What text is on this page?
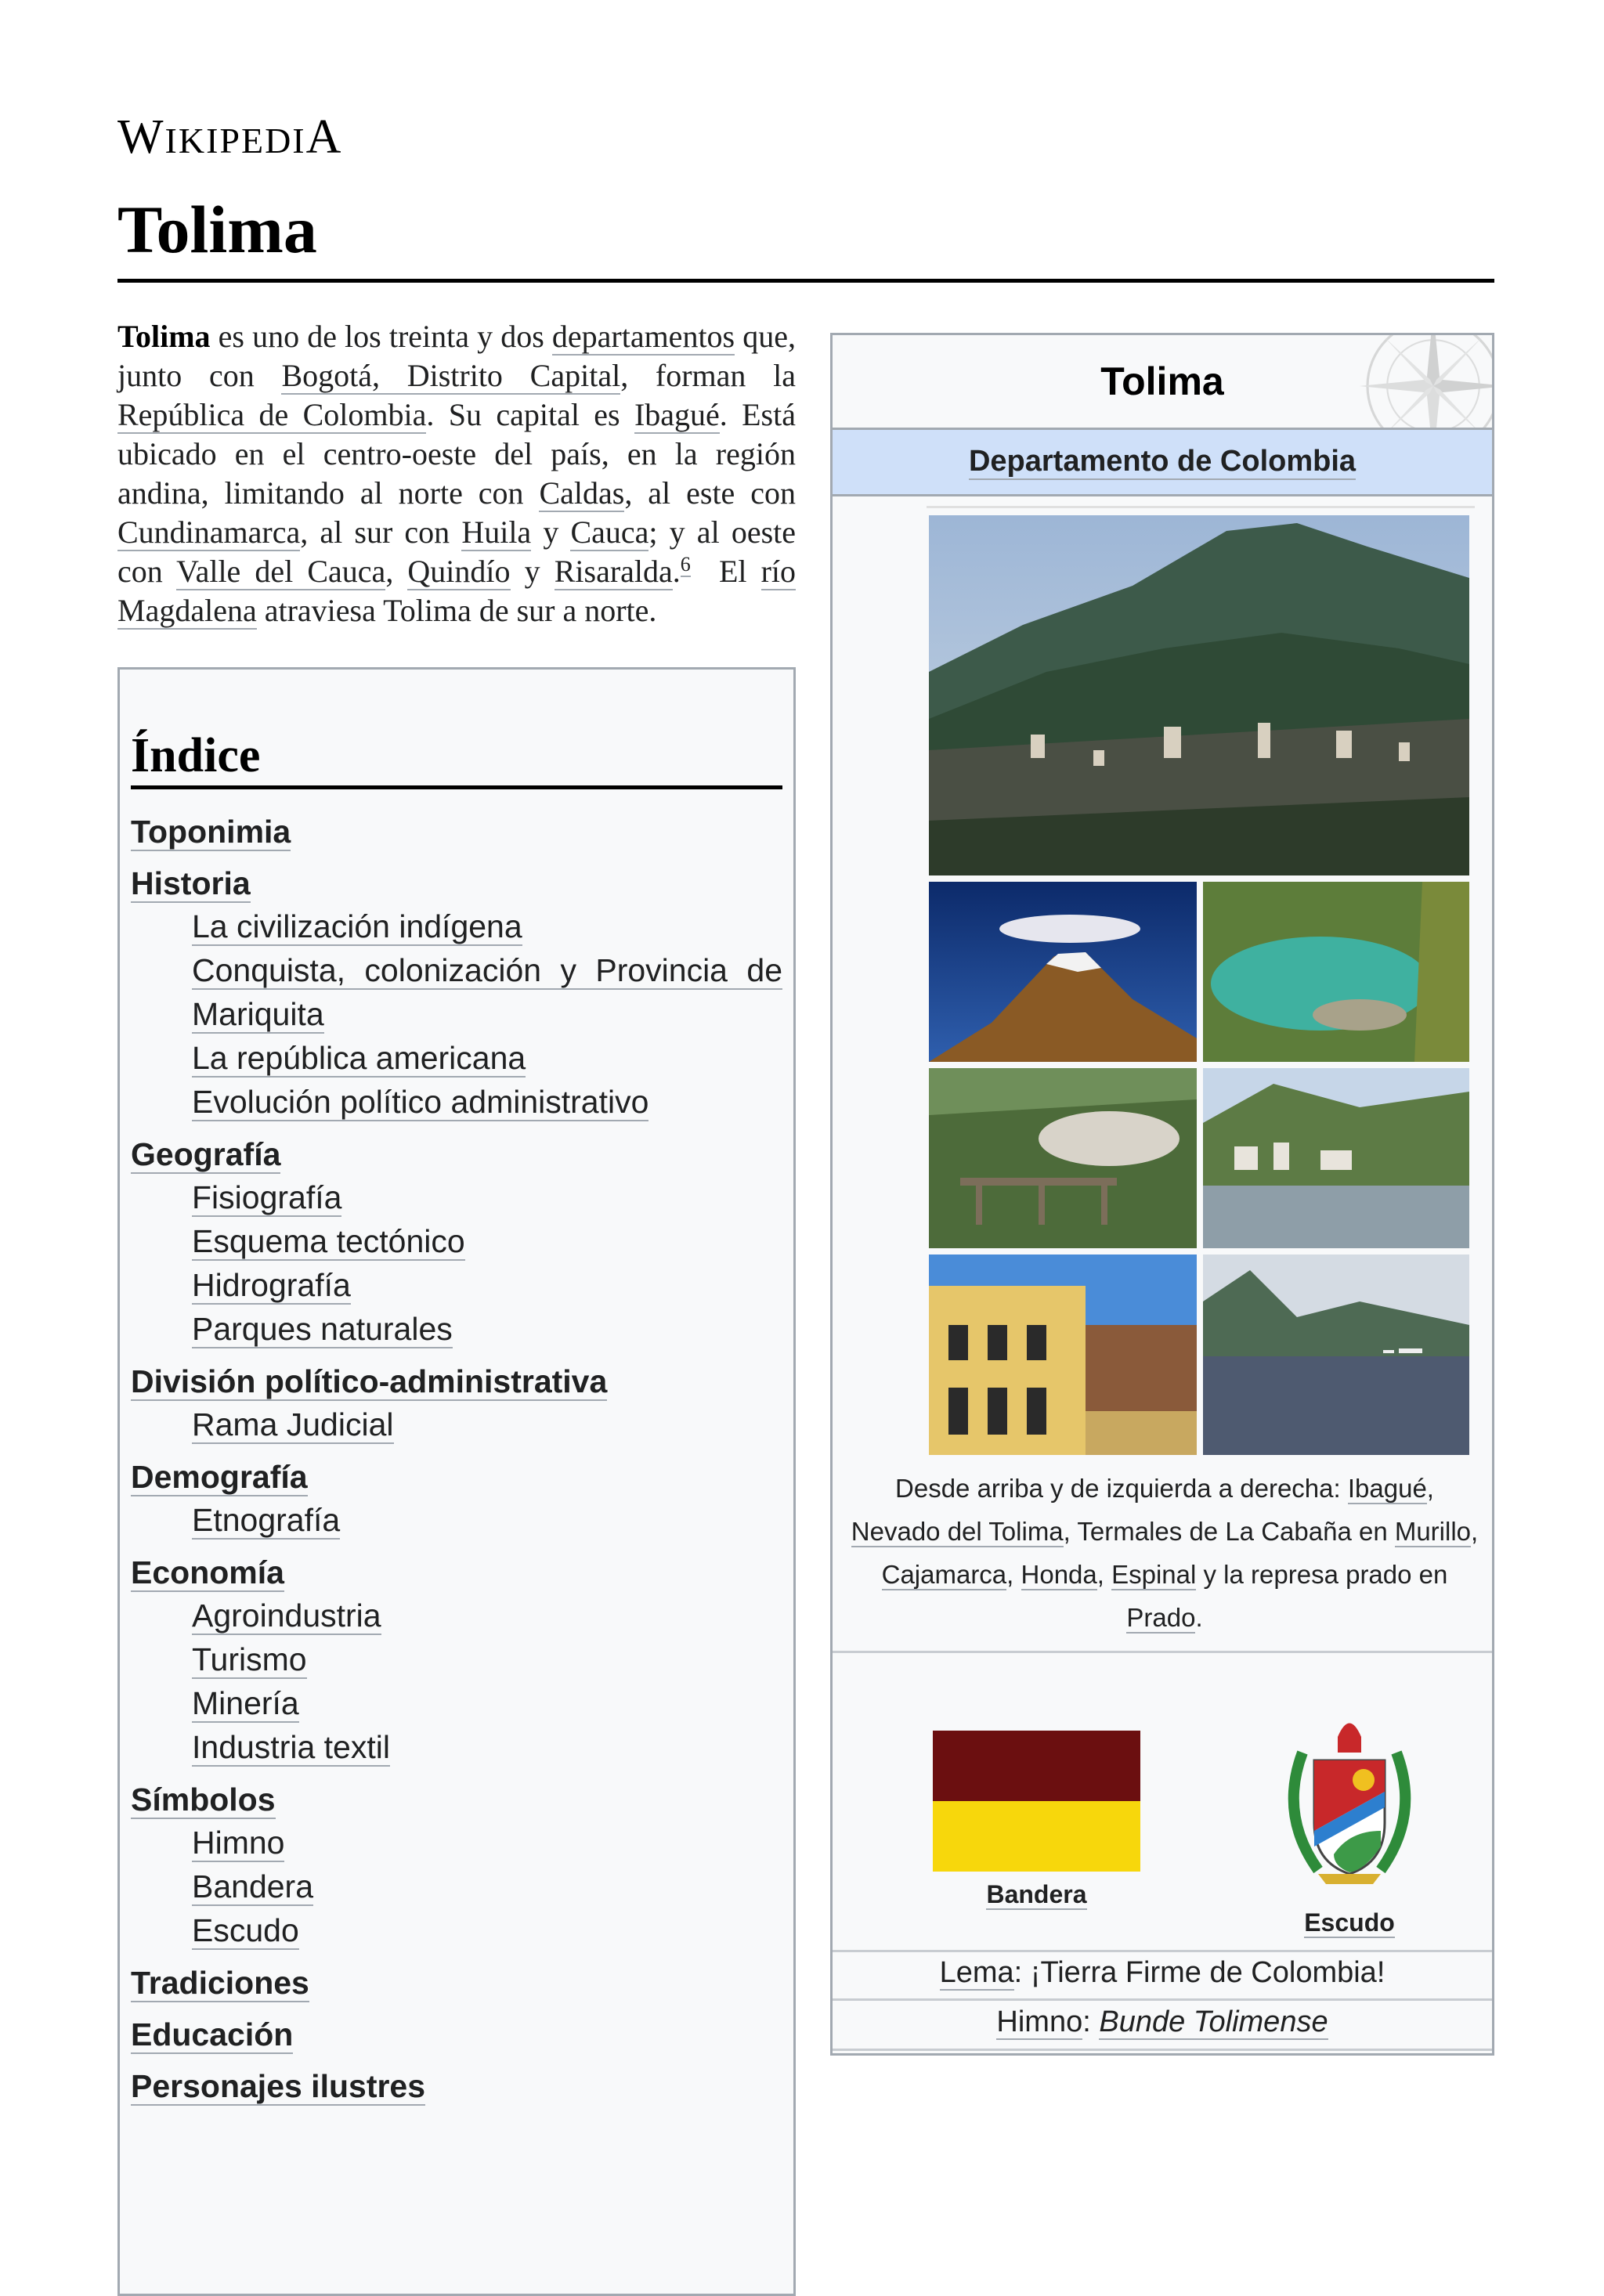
WIKIPEDIA
Tolima

Tolima es uno de los treinta y dos departamentos que, junto con Bogotá, Distrito Capital, forman la República de Colombia. Su capital es Ibagué. Está ubicado en el centro-oeste del país, en la región andina, limitando al norte con Caldas, al este con Cundinamarca, al sur con Huila y Cauca; y al oeste con Valle del Cauca, Quindío y Risaralda.$^6$  El río Magdalena atraviesa Tolima de sur a norte.

Índice
Toponimia
Historia
La civilización indígena
Conquista, colonización y Provincia de Mariquita
La república americana
Evolución político administrativo
Geografía
Fisiografía
Esquema tectónico
Hidrografía
Parques naturales
División político-administrativa
Rama Judicial
Demografía
Etnografía
Economía
Agroindustria
Turismo
Minería
Industria textil
Símbolos
Himno
Bandera
Escudo
Tradiciones
Educación
Personajes ilustres
Tolima
Departamento de Colombia
Desde arriba y de izquierda a derecha: Ibagué, Nevado del Tolima, Termales de La Cabaña en Murillo, Cajamarca, Honda, Espinal y la represa prado en Prado.
Bandera
Escudo
Lema: ¡Tierra Firme de Colombia!
Himno: Bunde Tolimense
